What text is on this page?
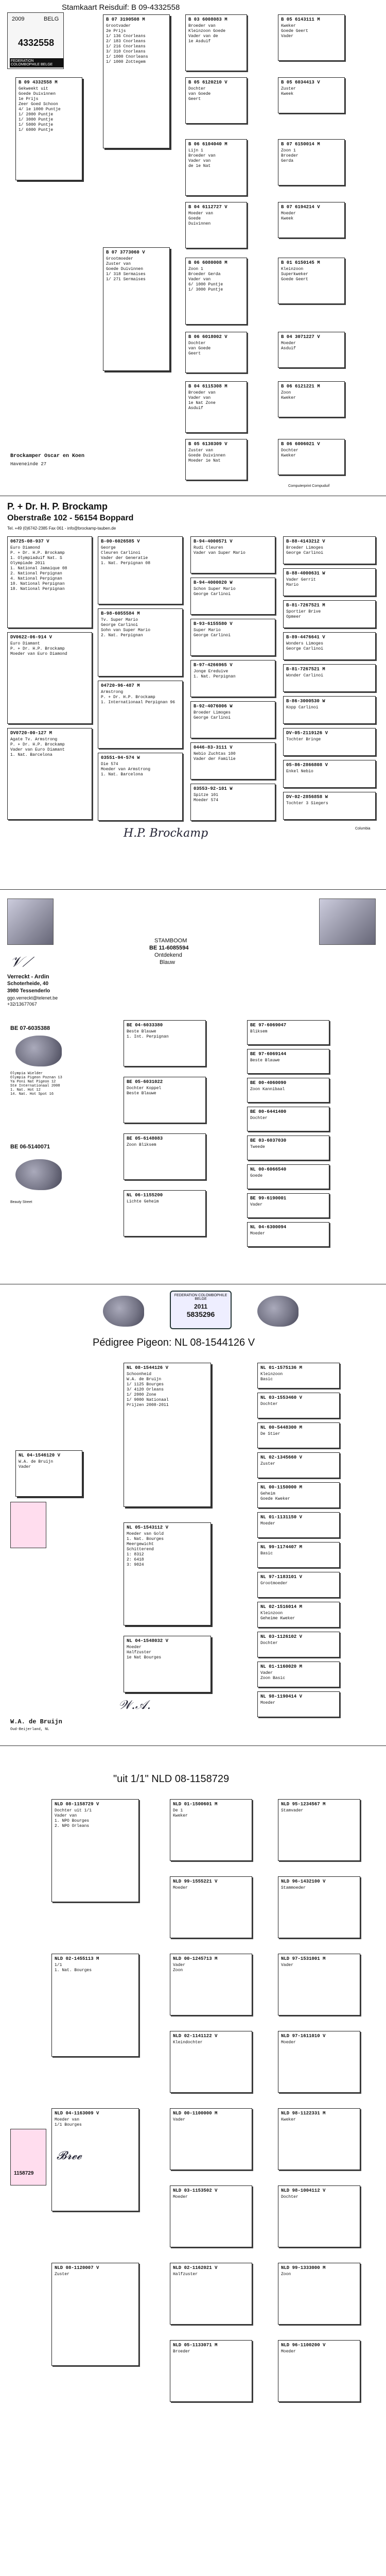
Stamkaart Reisduif: B 09-4332558
2009	BELG
4332558
FEDERATION COLOMBOPHILE BELGE
B 09 4332558 M
Gekweekt uit
Goede Duivinnen
1e Prijs
Zeer Goed Schoon
4/ 1e 1000 Puntje
1/ 2000 Puntje
1/ 3000 Puntje
1/ 5000 Puntje
1/ 6000 Puntje
B 07 3190508 M
Grootvader
2e Prijs
1/ 136 Cnorleans
2/ 183 Cnorleans
1/ 216 Cnorleans
3/ 310 Cnorleans
1/ 1000 Cnorleans
1/ 1000 Zottegem
B 07 3773060 V
Grootmoeder
Zuster van
Goede Duivinnen
1/ 318 Sermaises
1/ 271 Sermaises
B 03 6008083 M
Broeder van
Kleinzoon Goede
Vader van de
1e Asduif
B 05 6120210 V
Dochter
van Goede
Geert
B 06 6104040 M
Lijn 1
Broeder van
Vader van
de 1e Nat
B 04 6112727 V
Moeder van
Goede
Duivinnen
B 06 6080008 M
Zoon 1
Broeder Gerda
Vader van
6/ 1000 Puntje
1/ 3000 Puntje
B 06 6018002 V
Dochter
van Goede
Geert
B 04 6115308 M
Broeder van
Vader van
1e Nat Zone
Asduif
B 05 6130309 V
Zuster van
Goede Duivinnen
Moeder 1e Nat
B 05 6143111 M
Kweker
Goede Geert
Vader
B 05 6034413 V
Zuster
Kweek
B 07 6150014 M
Zoon 1
Broeder
Gerda
B 07 6194214 V
Moeder
Kweek
B 01 6150145 M
Kleinzoon
Superkweker
Goede Geert
B 04 3071227 V
Moeder
Asduif
B 06 6121221 M
Zoon
Kweker
B 06 6006021 V
Dochter
Kweker
Brockamper Oscar en Koen
Haveneinde 27
Computerprint Compuduif
P. + Dr. H. P. Brockamp
Oberstraße 102 - 56154 Boppard
Tel. +49 (0)6742-2385 Fax 061 - info@brockamp-tauben.de
06725-08-937 V
Euro Diamond
P. + Dr. H.P. Brockamp
1. Olympiaduif Nat. S
Olympiade 2011
1. National Jamaique 08
2. National Perpignan
4. National Perpignan
10. National Perpignan
18. National Perpignan
DV0622-06-914 V
Euro Diamant
P. + Dr. H.P. Brockamp
Moeder van Euro Diamond
DV0720-00-127 M
Agate Tv. Armstrong
P. + Dr. H.P. Brockamp
Vader van Euro Diamant
1. Nat. Barcelona
B-00-6026585 V
George
Cleuren Carlinoi
Vader der Generatie
1. Nat. Perpignan 08
B-98-6055584 M
Tv. Super Mario
George Carlinoi
Sohn van Super Mario
2. Nat. Perpignan
04720-96-487 M
Armstrong
P. + Dr. H.P. Brockamp
1. Internationaal Perpignan 96
03551-94-574 W
Die 574
Moeder van Armstrong
1. Nat. Barcelona
B-94-4000571 V
Rudi Cleuren
Vader van Super Mario
B-94-4000020 W
Schon Super Mario
George Carlinoi
B-93-6155580 V
Super Mario
George Carlinoi
B-97-4266965 V
Jonge Ereduive
1. Nat. Perpignan
B-92-4076006 W
Broeder Limoges
George Carlinoi
0446-83-3111 V
Nebio Zuchtas 100
Vader der Familie
03553-92-101 W
Spitze 101
Moeder 574
B-88-4143212 V
Broeder Limoges
George Carlinoi
B-88-4000631 W
Vader Gerrit
Mario
B-81-7267521 M
Sportier Brive
Opmeer
B-89-4476641 V
Wonders Limoges
George Carlinoi
B-81-7267521 M
Wonder Carlinoi
B-86-3000530 W
Kopp Carlinoi
DV-05-2119126 V
Tochter Bringe
05-86-2866808 V
Enkel Nebio
DV-02-2856858 W
Tochter 3 Siegers
H.P. Brockamp	Columbia
𝒱⟋
Verreckt - Ardin
Schoterheide, 40
3980 Tessenderlo
ggo.verreckt@telenet.be
+32/13677067
STAMBOOM
BE 11-6085594
Ontdekend
Blauw
BE 07-6035388
Olympia Wielder
Olympia Pigeon Poznan 13
Ya Poni Nat Pigeon 12
Ste Internationaal 2008
1. Nat. Hot 12
14. Nat. Hot Spot 16
BE 06-5140071
Beauty Street
BE 04-6033380
Beste Blauwe
1. Int. Perpignan
BE 05-6031022
Dochter Koppel
Beste Blauwe
BE 05-6148083
Zoon Bliksem
NL 06-1155200
Lichte Geheim
BE 97-6069047
Bliksem
BE 97-6069144
Beste Blauwe
BE 00-4060090
Zoon Kannibaal
BE 00-6441400
Dochter
BE 03-6037030
Tweede
NL 00-6066540
Goede
BE 99-6190001
Vader
NL 04-6300094
Moeder
FEDERATION COLOMBOPHILE BELGE
2011
5835296
Pédigree Pigeon: NL 08-1544126 V
NL 08-1544126 V
Schoonheid
W.A. de Bruijn
1/ 1125 Bourges
3/ 4120 Orleans
1/ 2000 Zone
1/ 9000 Nationaal
Prijzen 2008-2011
NL 04-1546120 V
W.A. de Bruijn
Vader
NL 05-1543112 V
Moeder van Gold
1. Nat. Bourges
Meergewicht
Schitterend
1: 8312
2: 6418
3: 9024
NL 04-1548032 V
Moeder
Halfzuster
1e Nat Bourges
NL 01-1575136 M
Kleinzoon
Basic
NL 03-1553460 V
Dochter
NL 00-5448300 M
De Stier
NL 02-1345660 V
Zuster
NL 00-1150000 M
Geheim
Goede Kweker
NL 01-1131150 V
Moeder
NL 99-1174407 M
Basic
NL 97-1183101 V
Grootmoeder
NL 02-1516014 M
Kleinzoon
Geheime Kweker
NL 03-1126102 V
Dochter
NL 01-1160020 M
Vader
Zoon Basic
NL 98-1190414 V
Moeder
𝒲.𝒜.
W.A. de Bruijn
Oud-Beijerland, NL
"uit 1/1" NLD 08-1158729
NLD 08-1158729 V
Dochter uit 1/1
Vader van
1. NPO Bourges
2. NPO Orleans
NLD 02-1455113 M
1/1
1. Nat. Bourges
NLD 04-1163009 V
Moeder van
1/1 Bourges
NLD 08-1120007 V
Zuster
NLD 01-1500601 M
De 1
Kweker
NLD 99-1555221 V
Moeder
NLD 00-1245713 M
Vader
Zoon
NLD 02-1141122 V
Kleindochter
NLD 00-1100000 M
Vader
NLD 03-1153502 V
Moeder
NLD 02-1162021 V
Halfzuster
NLD 05-1133071 M
Broeder
NLD 95-1234567 M
Stamvader
NLD 96-1432100 V
Stammoeder
NLD 97-1531001 M
Vader
NLD 97-1611010 V
Moeder
NLD 98-1122331 M
Kweker
NLD 98-1004112 V
Dochter
NLD 99-1333000 M
Zoon
NLD 96-1100200 V
Moeder
1158729
𝓑𝓻𝓮𝓮
